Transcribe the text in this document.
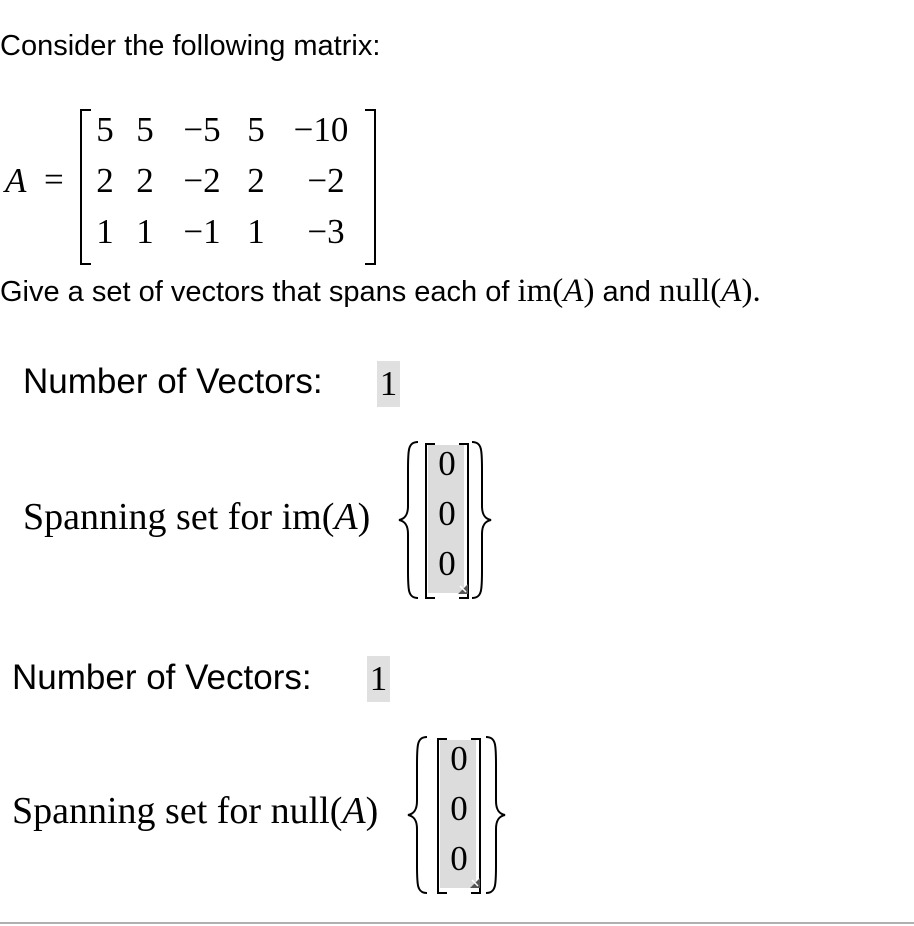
Consider the following matrix:
A =
5 5 −5 5 −10
2 2 −2 2	−2
1 1 −1 1	−3
Give a set of vectors that spans each of im(A) and null(A).
Number of Vectors: 1
Spanning set for im(A)
0
0
0
Number of Vectors: 1
Spanning set for null(A)
0
0
0
